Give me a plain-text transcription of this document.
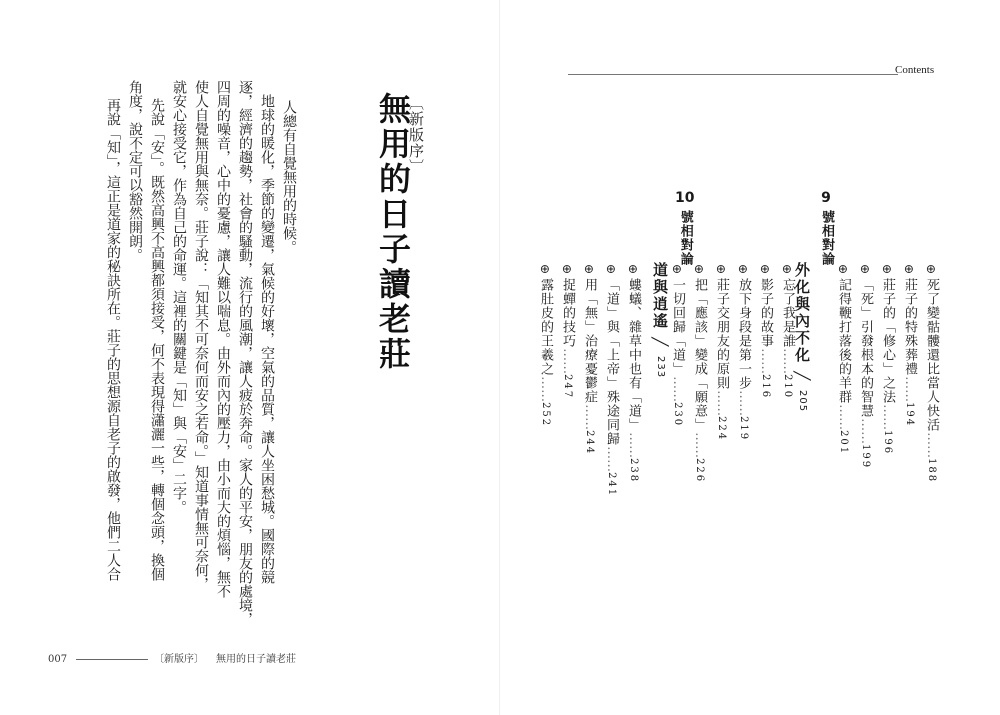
〔新版序〕
無用的日子讀老莊
人總有自覺無用的時候。
地球的暖化，季節的變遷，氣候的好壞，空氣的品質，讓人坐困愁城。國際的競
逐，經濟的趨勢，社會的騷動，流行的風潮，讓人疲於奔命。家人的平安，朋友的處境，
四周的噪音，心中的憂慮，讓人難以喘息。由外而內的壓力，由小而大的煩惱，無不
使人自覺無用與無奈。莊子說：「知其不可奈何而安之若命。」知道事情無可奈何，
就安心接受它，作為自己的命運。這裡的關鍵是「知」與「安」二字。
先說「安」。既然高興不高興都須接受，何不表現得瀟灑一些，轉個念頭，換個
角度，說不定可以豁然開朗。
再說「知」，這正是道家的秘訣所在。莊子的思想源自老子的啟發，他們二人合
007	〔新版序〕 無用的日子讀老莊
Contents
9號相對論
外化與內不化 ╱205
⊕死了變骷髏還比當人快活……188
⊕莊子的特殊葬禮……194
⊕莊子的「修心」之法……196
⊕「死」引發根本的智慧……199
⊕記得鞭打落後的羊群……201
⊕忘了我是誰……210
⊕影子的故事……216
⊕放下身段是第一步……219
⊕莊子交朋友的原則……224
⊕把「應該」變成「願意」……226
⊕一切回歸「道」……230
10號相對論
道與逍遙 ╱233
⊕螻蟻、雜草中也有「道」……238
⊕「道」與「上帝」殊途同歸……241
⊕用「無」治療憂鬱症……244
⊕捉蟬的技巧……247
⊕露肚皮的王羲之……252
